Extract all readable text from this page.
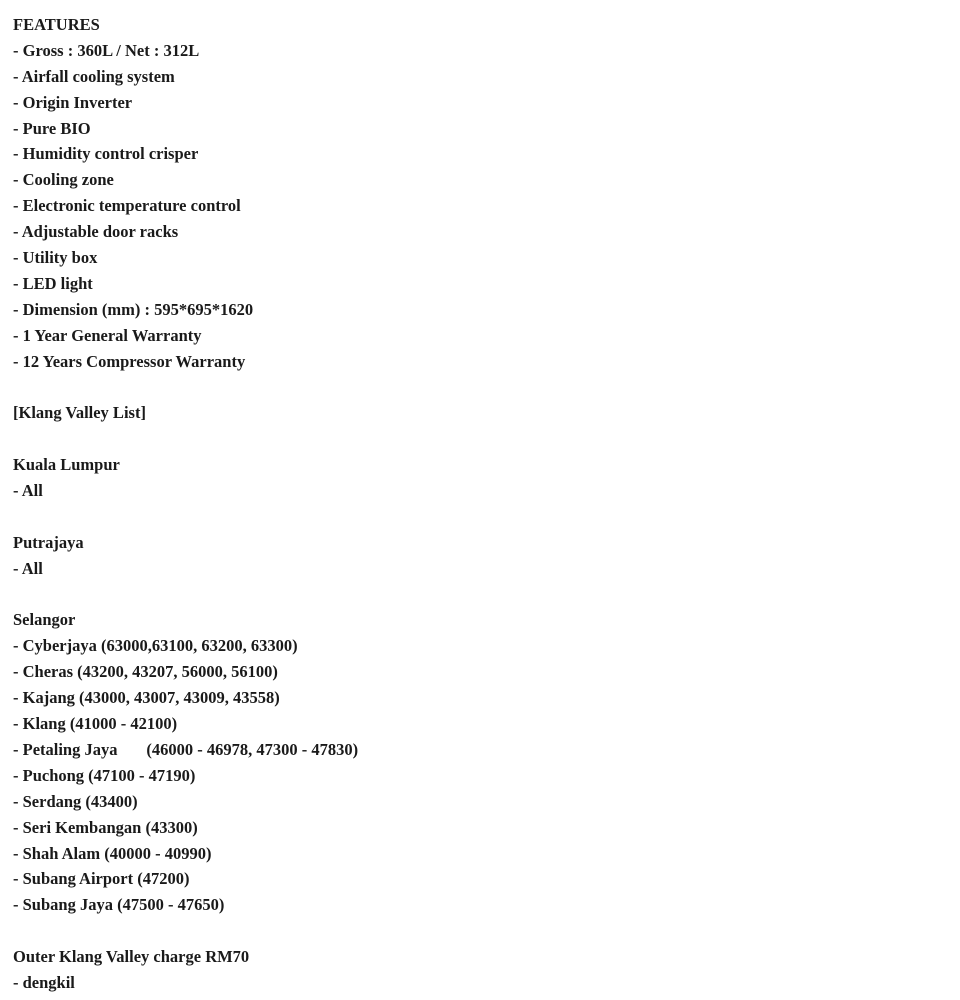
FEATURES
- Gross : 360L / Net : 312L
- Airfall cooling system
- Origin Inverter
- Pure BIO
- Humidity control crisper
- Cooling zone
- Electronic temperature control
- Adjustable door racks
- Utility box
- LED light
- Dimension (mm) : 595*695*1620
- 1 Year General Warranty
- 12 Years Compressor Warranty
[Klang Valley List]
Kuala Lumpur
- All
Putrajaya
- All
Selangor
- Cyberjaya (63000,63100, 63200, 63300)
- Cheras (43200, 43207, 56000, 56100)
- Kajang (43000, 43007, 43009, 43558)
- Klang (41000 - 42100)
- Petaling Jaya       (46000 - 46978, 47300 - 47830)
- Puchong (47100 - 47190)
- Serdang (43400)
- Seri Kembangan (43300)
- Shah Alam (40000 - 40990)
- Subang Airport (47200)
- Subang Jaya (47500 - 47650)
Outer Klang Valley charge RM70
- dengkil
